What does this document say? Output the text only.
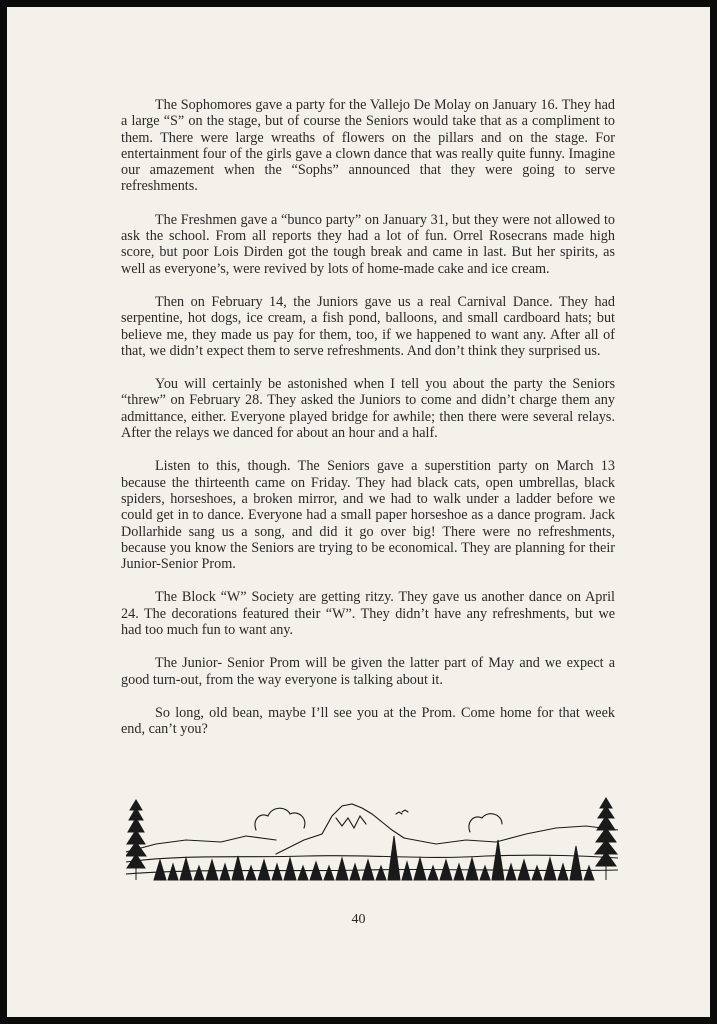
The Sophomores gave a party for the Vallejo De Molay on January 16. They had a large “S” on the stage, but of course the Seniors would take that as a compliment to them. There were large wreaths of flowers on the pillars and on the stage. For entertainment four of the girls gave a clown dance that was really quite funny. Imagine our amazement when the “Sophs” announced that they were going to serve refreshments.

The Freshmen gave a “bunco party” on January 31, but they were not allowed to ask the school. From all reports they had a lot of fun. Orrel Rosecrans made high score, but poor Lois Dirden got the tough break and came in last. But her spirits, as well as everyone’s, were revived by lots of home-made cake and ice cream.

Then on February 14, the Juniors gave us a real Carnival Dance. They had serpentine, hot dogs, ice cream, a fish pond, balloons, and small cardboard hats; but believe me, they made us pay for them, too, if we happened to want any. After all of that, we didn’t expect them to serve refreshments. And don’t think they surprised us.

You will certainly be astonished when I tell you about the party the Seniors “threw” on February 28. They asked the Juniors to come and didn’t charge them any admittance, either. Everyone played bridge for awhile; then there were several relays. After the relays we danced for about an hour and a half.

Listen to this, though. The Seniors gave a superstition party on March 13 because the thirteenth came on Friday. They had black cats, open umbrellas, black spiders, horseshoes, a broken mirror, and we had to walk under a ladder before we could get in to dance. Everyone had a small paper horseshoe as a dance program. Jack Dollarhide sang us a song, and did it go over big! There were no refreshments, because you know the Seniors are trying to be economical. They are planning for their Junior-Senior Prom.

The Block “W” Society are getting ritzy. They gave us another dance on April 24. The decorations featured their “W”. They didn’t have any refreshments, but we had too much fun to want any.

The Junior- Senior Prom will be given the latter part of May and we expect a good turn-out, from the way everyone is talking about it.

So long, old bean, maybe I’ll see you at the Prom. Come home for that week end, can’t you?

40
